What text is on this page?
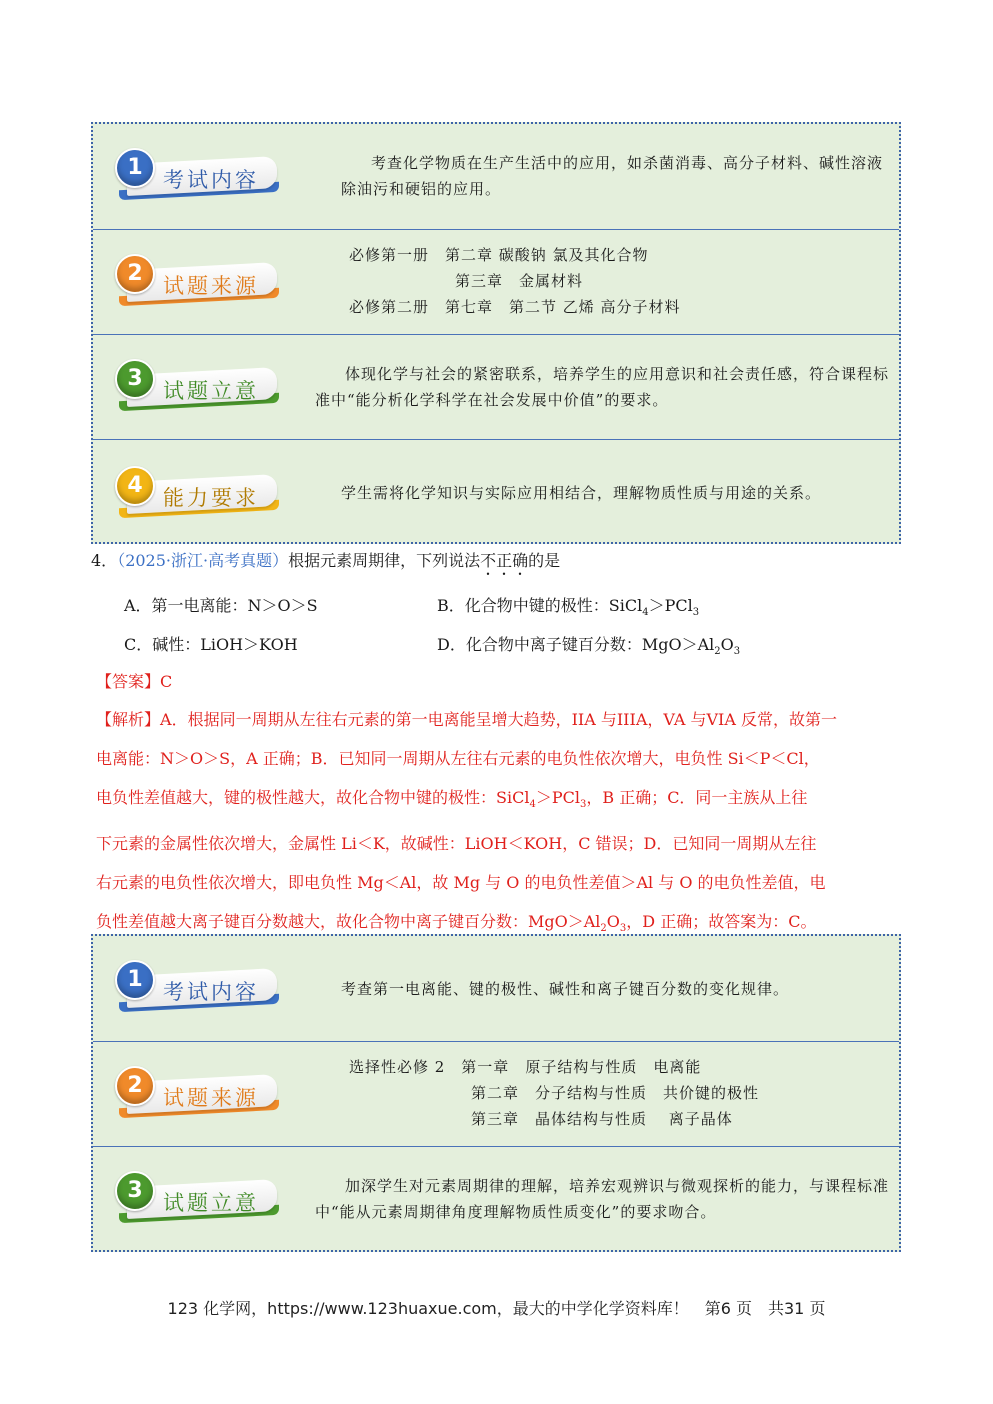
1 考试内容
考查化学物质在生产生活中的应用，如杀菌消毒、高分子材料、碱性溶液除油污和硬铝的应用。
2 试题来源
必修第一册　第二章 碳酸钠 氯及其化合物
第三章　金属材料
必修第二册　第七章　第二节 乙烯 高分子材料
3 试题立意
体现化学与社会的紧密联系，培养学生的应用意识和社会责任感，符合课程标准中“能分析化学科学在社会发展中价值”的要求。
4 能力要求	学生需将化学知识与实际应用相结合，理解物质性质与用途的关系。
4．（2025·浙江·高考真题）根据元素周期律，下列说法不正确的是
A．第一电离能：N＞O＞S	B．化合物中键的极性：SiCl$_4$＞PCl$_3$
C．碱性：LiOH＞KOH	D．化合物中离子键百分数：$MgO>Al_2O_3$
【答案】C
【解析】A．根据同一周期从左往右元素的第一电离能呈增大趋势，IIA 与IIIA，VA 与VIA 反常，故第一
电离能：N＞O＞S，A 正确；B．已知同一周期从左往右元素的电负性依次增大，电负性 Si＜P＜Cl，
电负性差值越大，键的极性越大，故化合物中键的极性：SiCl$_4$＞PCl$_3$，B 正确；C．同一主族从上往
下元素的金属性依次增大，金属性 Li＜K，故碱性：LiOH＜KOH，C 错误；D．已知同一周期从左往
右元素的电负性依次增大，即电负性 Mg＜Al，故 Mg 与 O 的电负性差值＞Al 与 O 的电负性差值，电
负性差值越大离子键百分数越大，故化合物中离子键百分数：$MgO>Al_2O_3$，D 正确；故答案为：C。
1 考试内容	考查第一电离能、键的极性、碱性和离子键百分数的变化规律。
2 试题来源
选择性必修 2　第一章　原子结构与性质　电离能
第二章　分子结构与性质　共价键的极性
第三章　晶体结构与性质　 离子晶体
3 试题立意
加深学生对元素周期律的理解，培养宏观辨识与微观探析的能力，与课程标准中“能从元素周期律角度理解物质性质变化”的要求吻合。
123 化学网，https://www.123huaxue.com，最大的中学化学资料库！　第6 页　共31 页
